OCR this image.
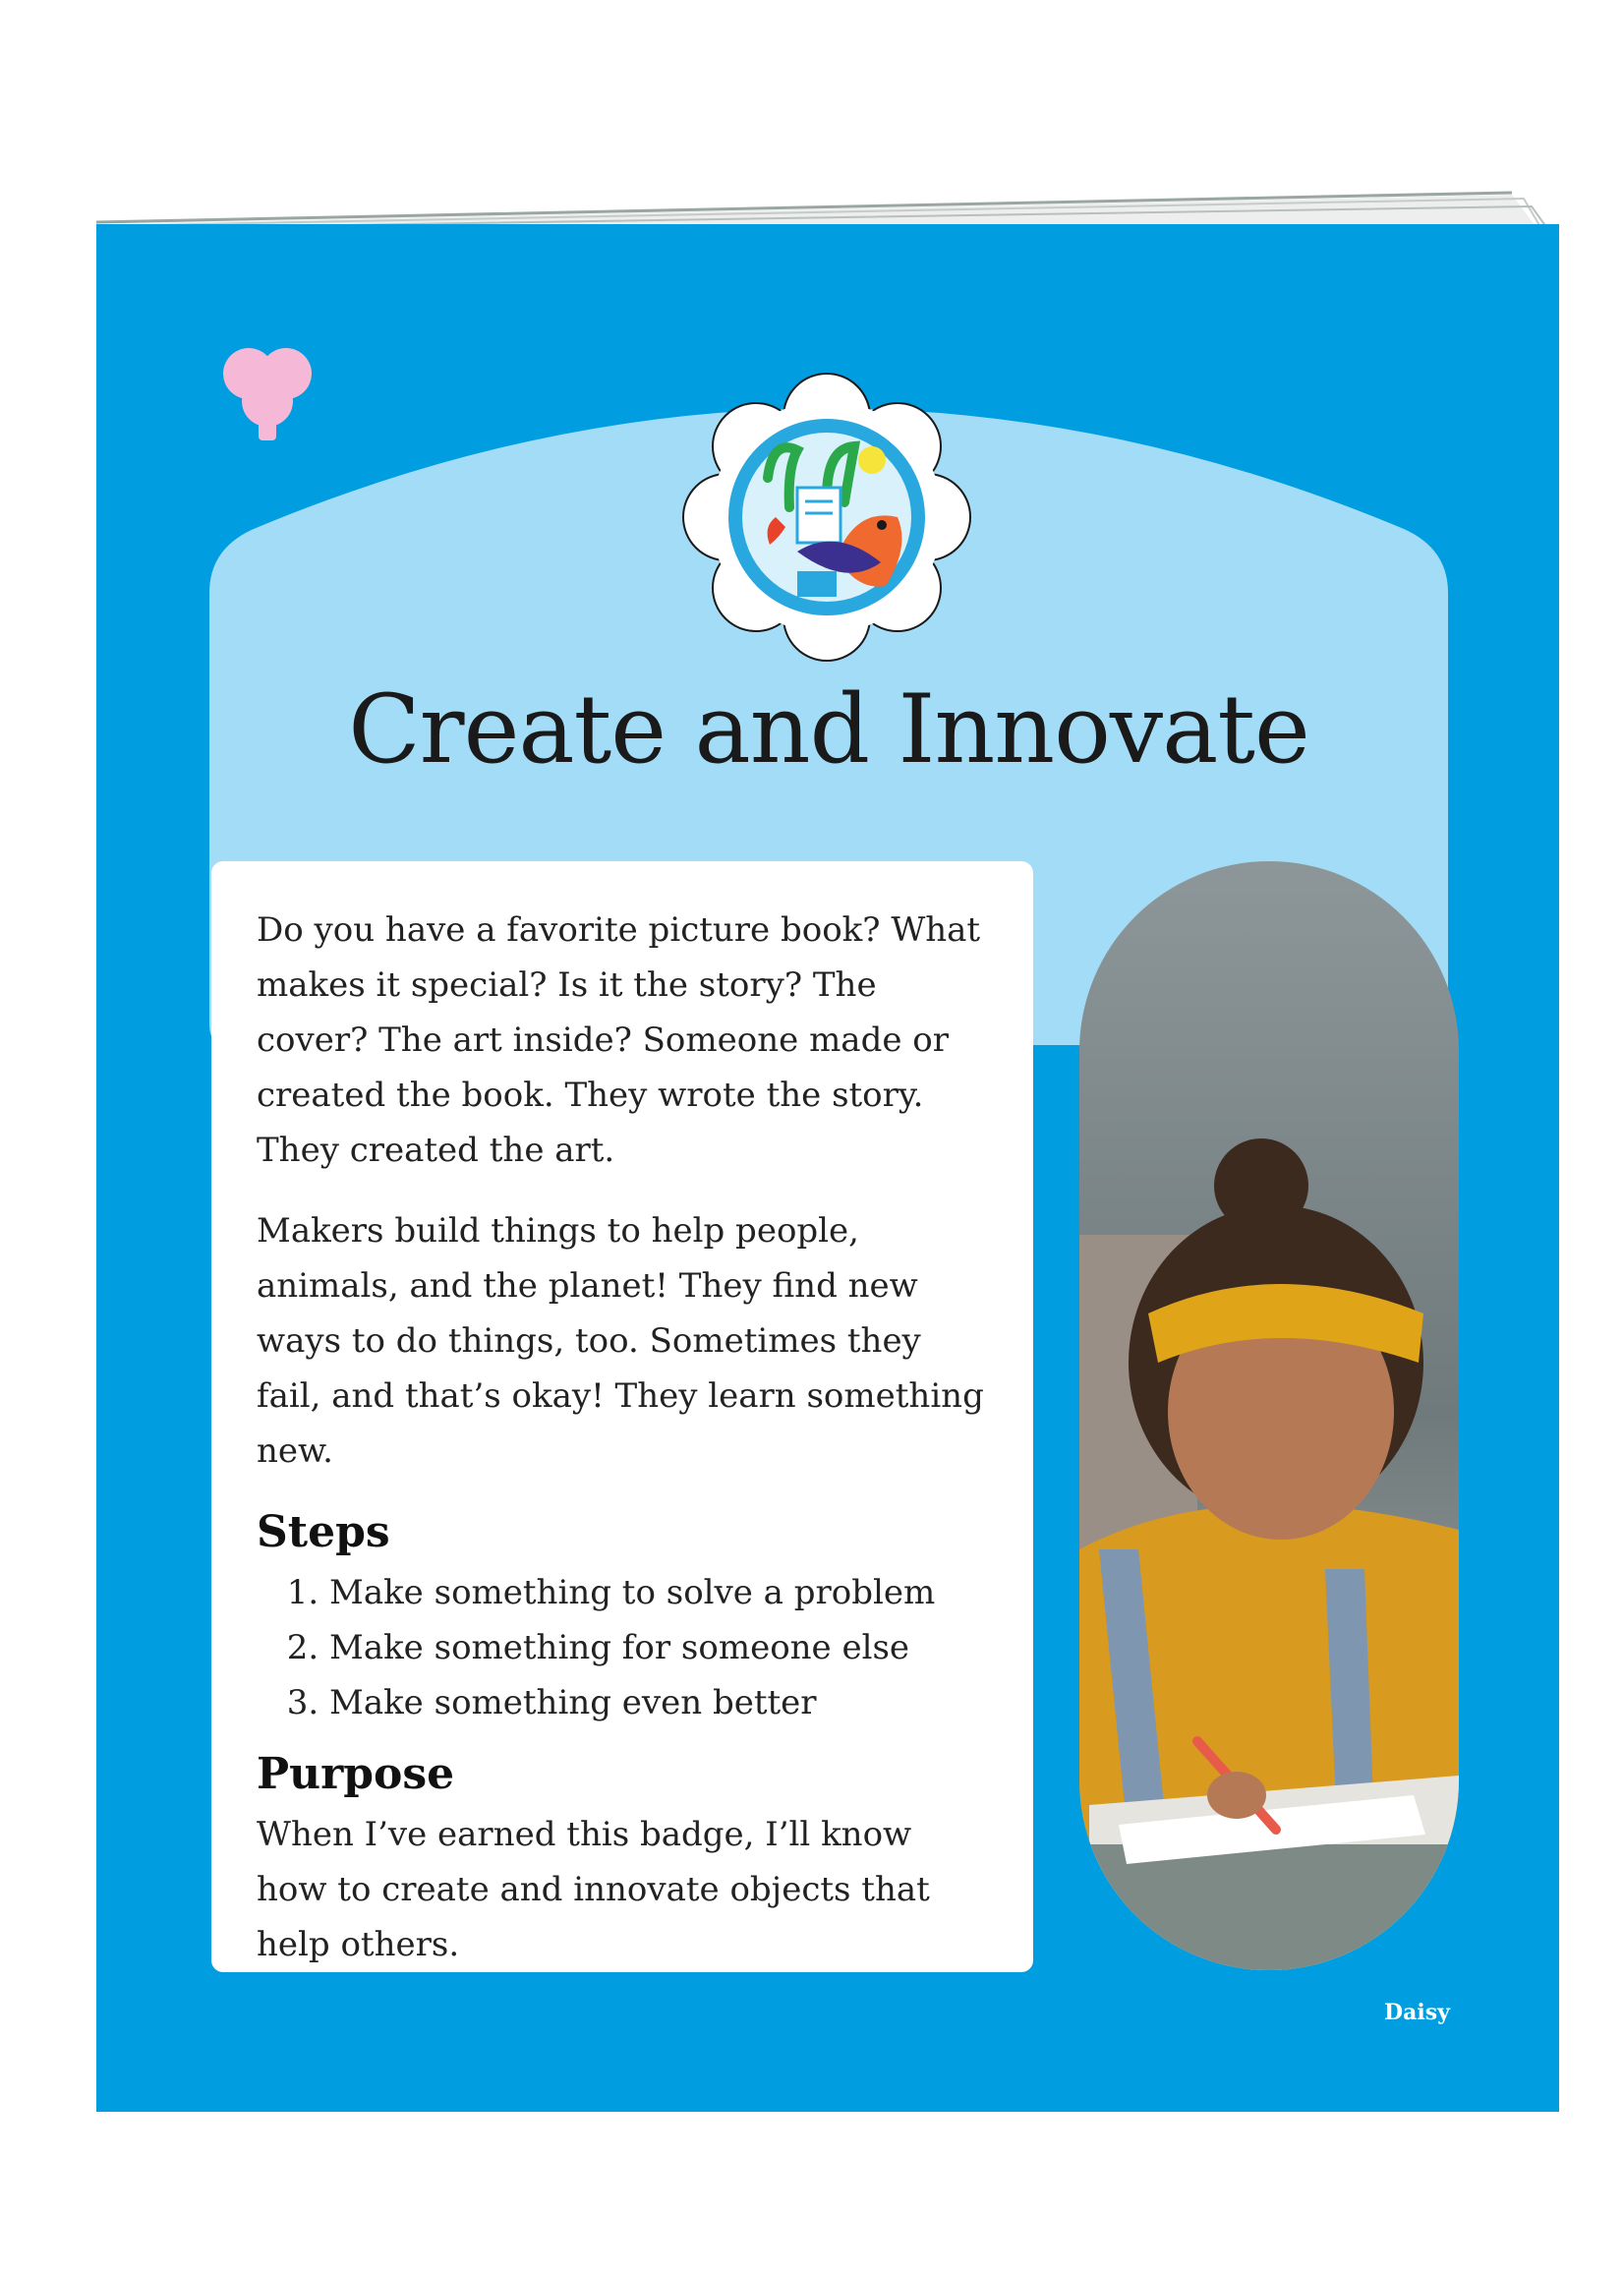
Create and Innovate

Do you have a favorite picture book? What makes it special? Is it the story? The cover? The art inside? Someone made or created the book. They wrote the story. They created the art.

Makers build things to help people, animals, and the planet! They find new ways to do things, too. Sometimes they fail, and that’s okay! They learn something new.

Steps
1. Make something to solve a problem
2. Make something for someone else
3. Make something even better
Purpose

When I’ve earned this badge, I’ll know how to create and innovate objects that help others.

Daisy
